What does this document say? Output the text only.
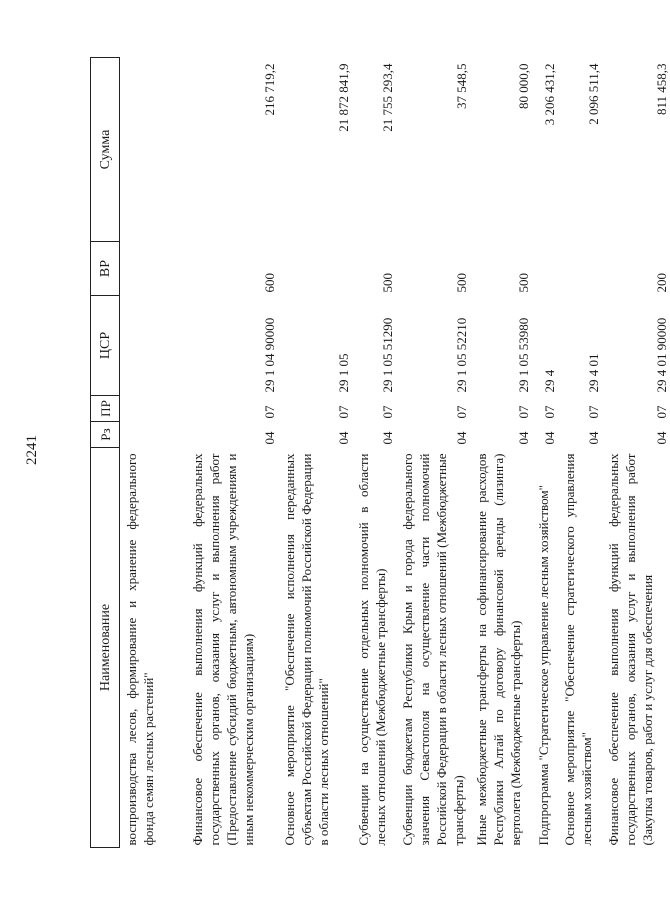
2241
Наименование	Рз	ПР	ЦСР	ВР	Сумма
воспроизводства лесов, формирование и хранение федерального фонда семян лесных растений"					
Финансовое обеспечение выполнения функций федеральных государственных органов, оказания услуг и выполнения работ (Предоставление субсидий бюджетным, автономным учреждениям и иным некоммерческим организациям)	04	07	29 1 04 90000	600	216 719,2
Основное мероприятие "Обеспечение исполнения переданных субъектам Российской Федерации полномочий Российской Федерации в области лесных отношений"	04	07	29 1 05		21 872 841,9
Субвенции на осуществление отдельных полномочий в области лесных отношений (Межбюджетные трансферты)	04	07	29 1 05 51290	500	21 755 293,4
Субвенции бюджетам Республики Крым и города федерального значения Севастополя на осуществление части полномочий Российской Федерации в области лесных отношений (Межбюджетные трансферты)	04	07	29 1 05 52210	500	37 548,5
Иные межбюджетные трансферты на софинансирование расходов Республики Алтай по договору финансовой аренды (лизинга) вертолета (Межбюджетные трансферты)	04	07	29 1 05 53980	500	80 000,0
Подпрограмма "Стратегическое управление лесным хозяйством"	04	07	29 4		3 206 431,2
Основное мероприятие "Обеспечение стратегического управления лесным хозяйством"	04	07	29 4 01		2 096 511,4
Финансовое обеспечение выполнения функций федеральных государственных органов, оказания услуг и выполнения работ (Закупка товаров, работ и услуг для обеспечения	04	07	29 4 01 90000	200	811 458,3
